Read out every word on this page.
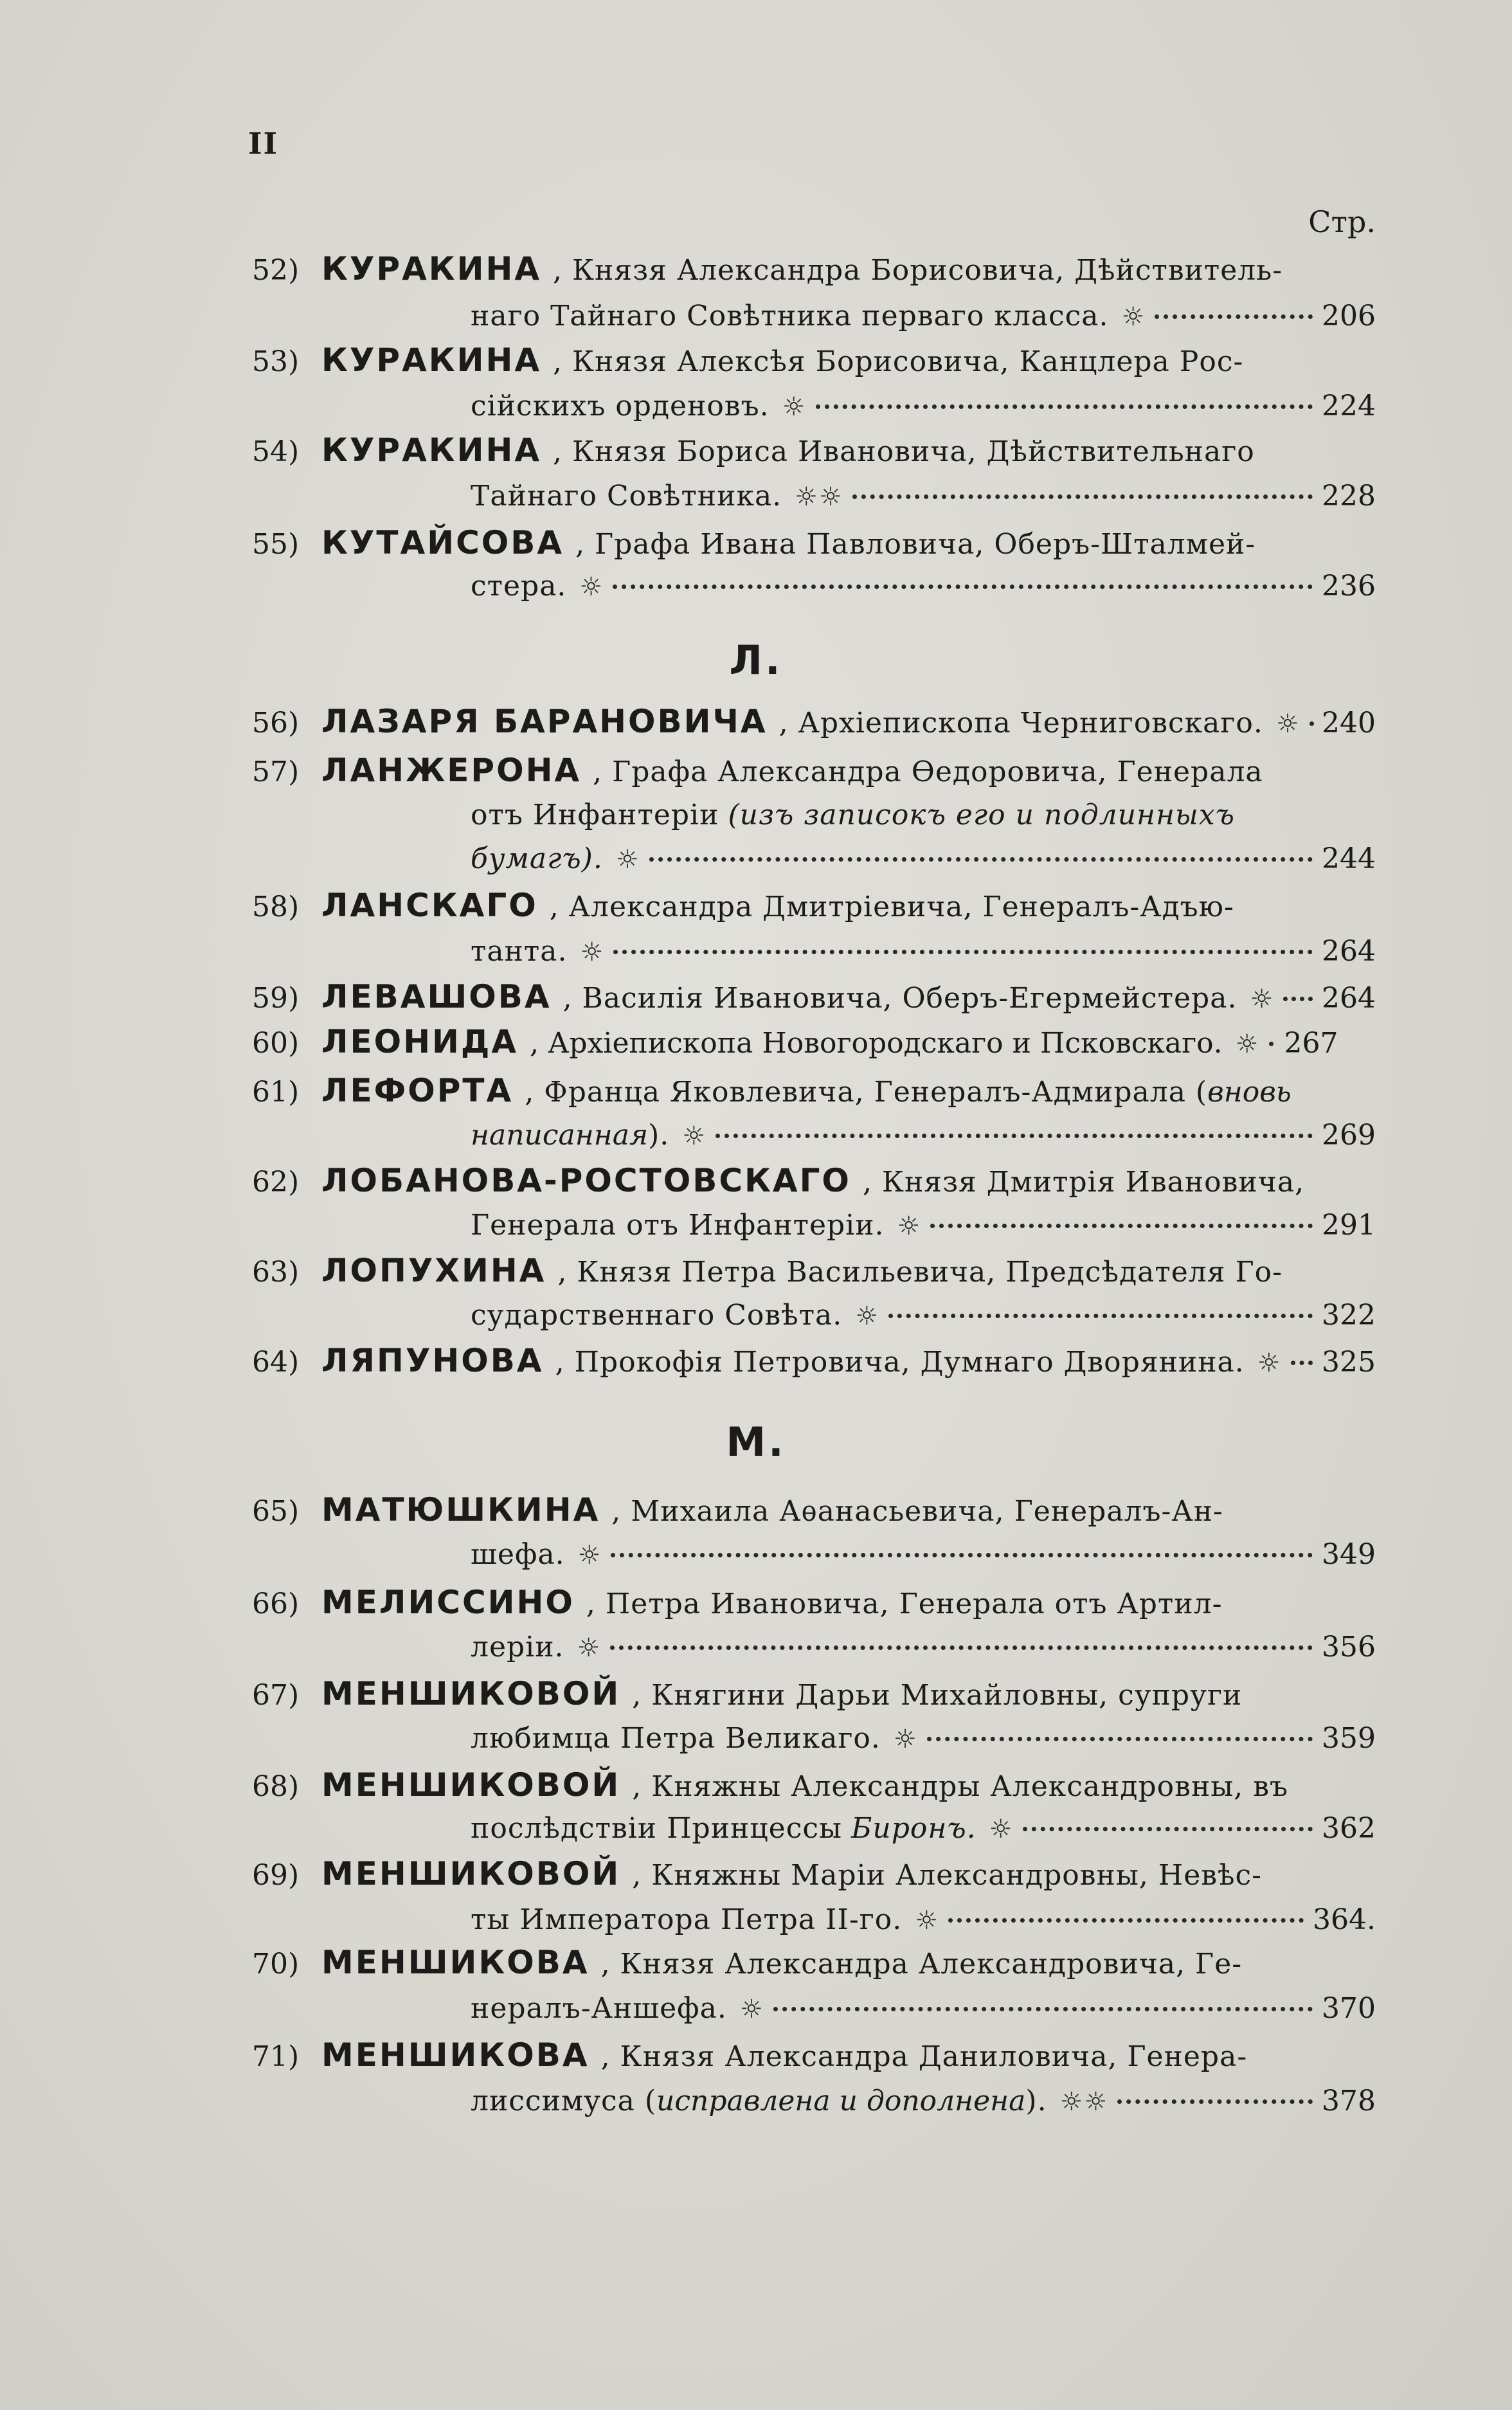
II
Стр.
52) КУРАКИНА , Князя Александра Борисовича, Дѣйствитель-
наго Тайнаго Совѣтника перваго класса. ☼	206
53) КУРАКИНА , Князя Алексѣя Борисовича, Канцлера Рос-
сійскихъ орденовъ. ☼	224
54) КУРАКИНА , Князя Бориса Ивановича, Дѣйствительнаго
Тайнаго Совѣтника. ☼☼	228
55) КУТАЙСОВА , Графа Ивана Павловича, Оберъ-Шталмей-
стера. ☼	236
Л.
56) ЛАЗАРЯ БАРАНОВИЧА , Архіепископа Черниговскаго. ☼ 240
57) ЛАНЖЕРОНА , Графа Александра Ѳедоровича, Генерала
отъ Инфантеріи (изъ записокъ его и подлинныхъ
бумагъ). ☼	244
58) ЛАНСКАГО , Александра Дмитріевича, Генералъ-Адъю-
танта. ☼	264
59) ЛЕВАШОВА , Василія Ивановича, Оберъ-Егермейстера. ☼ 264
60) ЛЕОНИДА , Архіепископа Новогородскаго и Псковскаго. ☼ 267
61) ЛЕФОРТА , Франца Яковлевича, Генералъ-Адмирала ( вновь
написанная ). ☼	269
62) ЛОБАНОВА-РОСТОВСКАГО , Князя Дмитрія Ивановича,
Генерала отъ Инфантеріи. ☼	291
63) ЛОПУХИНА , Князя Петра Васильевича, Предсѣдателя Го-
сударственнаго Совѣта. ☼	322
64) ЛЯПУНОВА , Прокофія Петровича, Думнаго Дворянина. ☼ 325
М.
65) МАТЮШКИНА , Михаила Аѳанасьевича, Генералъ-Ан-
шефа. ☼	349
66) МЕЛИССИНО , Петра Ивановича, Генерала отъ Артил-
леріи. ☼	356
67) МЕНШИКОВОЙ , Княгини Дарьи Михайловны, супруги
любимца Петра Великаго. ☼	359
68) МЕНШИКОВОЙ , Княжны Александры Александровны, въ
послѣдствіи Принцессы Биронъ. ☼	362
69) МЕНШИКОВОЙ , Княжны Маріи Александровны, Невѣс-
ты Императора Петра II-го. ☼	364.
70) МЕНШИКОВА , Князя Александра Александровича, Ге-
нералъ-Аншефа. ☼	370
71) МЕНШИКОВА , Князя Александра Даниловича, Генера-
лиссимуса ( исправлена и дополнена ). ☼☼	378
